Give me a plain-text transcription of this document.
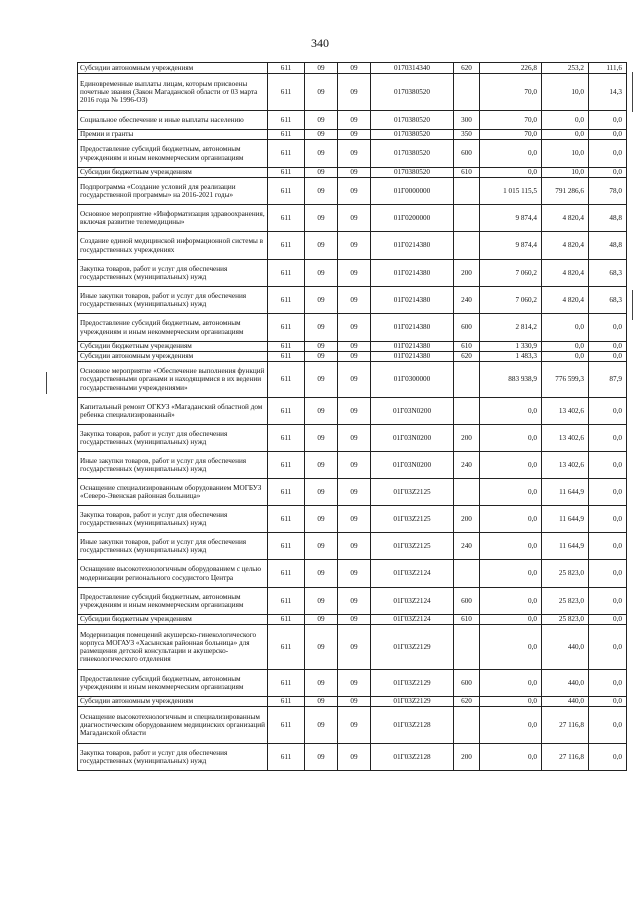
340
Субсидии автономным учреждениям	611	09	09	0170314340	620	226,8	253,2	111,6
Единовременные выплаты лицам, которым присвоены почетные звания (Закон Магаданской области от 03 марта 2016 года № 1996-ОЗ)	611	09	09	0170380520		70,0	10,0	14,3
Социальное обеспечение и иные выплаты населению	611	09	09	0170380520	300	70,0	0,0	0,0
Премии и гранты	611	09	09	0170380520	350	70,0	0,0	0,0
Предоставление субсидий бюджетным, автономным учреждениям и иным некоммерческим организациям	611	09	09	0170380520	600	0,0	10,0	0,0
Субсидии бюджетным учреждениям	611	09	09	0170380520	610	0,0	10,0	0,0
Подпрограмма «Создание условий для реализации государственной программы» на 2016-2021 годы»	611	09	09	01Г0000000		1 015 115,5	791 286,6	78,0
Основное мероприятие «Информатизация здравоохранения, включая развитие телемедицины»	611	09	09	01Г0200000		9 874,4	4 820,4	48,8
Создание единой медицинской информационной системы в государственных учреждениях	611	09	09	01Г0214380		9 874,4	4 820,4	48,8
Закупка товаров, работ и услуг для обеспечения государственных (муниципальных) нужд	611	09	09	01Г0214380	200	7 060,2	4 820,4	68,3
Иные закупки товаров, работ и услуг для обеспечения государственных (муниципальных) нужд	611	09	09	01Г0214380	240	7 060,2	4 820,4	68,3
Предоставление субсидий бюджетным, автономным учреждениям и иным некоммерческим организациям	611	09	09	01Г0214380	600	2 814,2	0,0	0,0
Субсидии бюджетным учреждениям	611	09	09	01Г0214380	610	1 330,9	0,0	0,0
Субсидии автономным учреждениям	611	09	09	01Г0214380	620	1 483,3	0,0	0,0
Основное мероприятие «Обеспечение выполнения функций государственными органами и находящимися в их ведении государственными учреждениями»	611	09	09	01Г0300000		883 938,9	776 599,3	87,9
Капитальный ремонт ОГКУЗ «Магаданский областной дом ребенка специализированный»	611	09	09	01Г03N0200		0,0	13 402,6	0,0
Закупка товаров, работ и услуг для обеспечения государственных (муниципальных) нужд	611	09	09	01Г03N0200	200	0,0	13 402,6	0,0
Иные закупки товаров, работ и услуг для обеспечения государственных (муниципальных) нужд	611	09	09	01Г03N0200	240	0,0	13 402,6	0,0
Оснащение специализированным оборудованием МОГБУЗ «Северо-Эвенская районная больница»	611	09	09	01Г03Z2125		0,0	11 644,9	0,0
Закупка товаров, работ и услуг для обеспечения государственных (муниципальных) нужд	611	09	09	01Г03Z2125	200	0,0	11 644,9	0,0
Иные закупки товаров, работ и услуг для обеспечения государственных (муниципальных) нужд	611	09	09	01Г03Z2125	240	0,0	11 644,9	0,0
Оснащение высокотехнологичным оборудованием с целью модернизации регионального сосудистого Центра	611	09	09	01Г03Z2124		0,0	25 823,0	0,0
Предоставление субсидий бюджетным, автономным учреждениям и иным некоммерческим организациям	611	09	09	01Г03Z2124	600	0,0	25 823,0	0,0
Субсидии бюджетным учреждениям	611	09	09	01Г03Z2124	610	0,0	25 823,0	0,0
Модернизация помещений акушерско-гинекологического корпуса МОГАУЗ «Хасынская районная больница» для размещения детской консультации и акушерско-гинекологического отделения	611	09	09	01Г03Z2129		0,0	440,0	0,0
Предоставление субсидий бюджетным, автономным учреждениям и иным некоммерческим организациям	611	09	09	01Г03Z2129	600	0,0	440,0	0,0
Субсидии автономным учреждениям	611	09	09	01Г03Z2129	620	0,0	440,0	0,0
Оснащение высокотехнологичным и специализированным диагностическим оборудованием медицинских организаций Магаданской области	611	09	09	01Г03Z2128		0,0	27 116,8	0,0
Закупка товаров, работ и услуг для обеспечения государственных (муниципальных) нужд	611	09	09	01Г03Z2128	200	0,0	27 116,8	0,0
